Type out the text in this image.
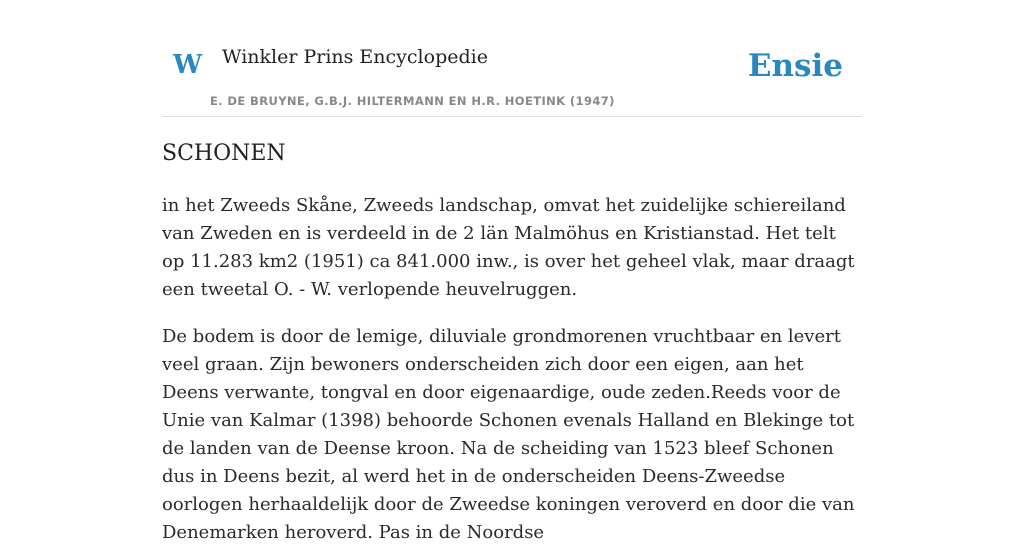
W Winkler Prins Encyclopedie
E. DE BRUYNE, G.B.J. HILTERMANN EN H.R. HOETINK (1947)
Ensie
SCHONEN

in het Zweeds Skåne, Zweeds landschap, omvat het zuidelijke schiereiland van Zweden en is verdeeld in de 2 län Malmöhus en Kristianstad. Het telt op 11.283 km2 (1951) ca 841.000 inw., is over het geheel vlak, maar draagt een tweetal O. - W. verlopende heuvelruggen.

De bodem is door de lemige, diluviale grondmorenen vruchtbaar en levert veel graan. Zijn bewoners onderscheiden zich door een eigen, aan het Deens verwante, tongval en door eigenaardige, oude zeden.Reeds voor de Unie van Kalmar (1398) behoorde Schonen evenals Halland en Blekinge tot de landen van de Deense kroon. Na de scheiding van 1523 bleef Schonen dus in Deens bezit, al werd het in de onderscheiden Deens-Zweedse oorlogen herhaaldelijk door de Zweedse koningen veroverd en door die van Denemarken heroverd. Pas in de Noordse
